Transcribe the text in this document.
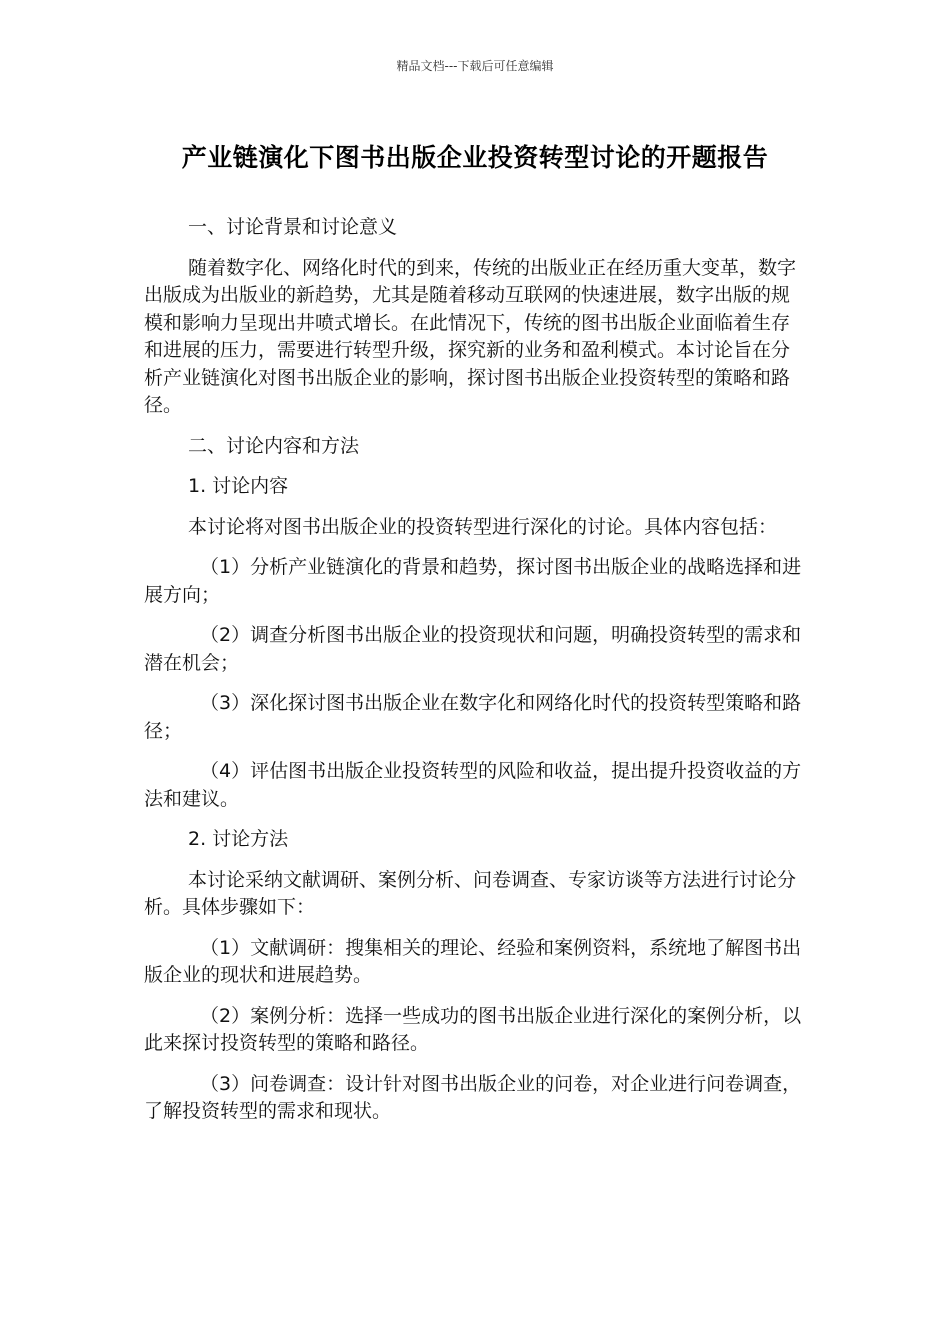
精品文档---下载后可任意编辑
产业链演化下图书出版企业投资转型讨论的开题报告

一、讨论背景和讨论意义

随着数字化、网络化时代的到来，传统的出版业正在经历重大变革，数字出版成为出版业的新趋势，尤其是随着移动互联网的快速进展，数字出版的规模和影响力呈现出井喷式增长。在此情况下，传统的图书出版企业面临着生存和进展的压力，需要进行转型升级，探究新的业务和盈利模式。本讨论旨在分析产业链演化对图书出版企业的影响，探讨图书出版企业投资转型的策略和路径。

二、讨论内容和方法

1. 讨论内容

本讨论将对图书出版企业的投资转型进行深化的讨论。具体内容包括：

（1）分析产业链演化的背景和趋势，探讨图书出版企业的战略选择和进展方向；

（2）调查分析图书出版企业的投资现状和问题，明确投资转型的需求和潜在机会；

（3）深化探讨图书出版企业在数字化和网络化时代的投资转型策略和路径；

（4）评估图书出版企业投资转型的风险和收益，提出提升投资收益的方法和建议。

2. 讨论方法

本讨论采纳文献调研、案例分析、问卷调查、专家访谈等方法进行讨论分析。具体步骤如下：

（1）文献调研：搜集相关的理论、经验和案例资料，系统地了解图书出版企业的现状和进展趋势。

（2）案例分析：选择一些成功的图书出版企业进行深化的案例分析，以此来探讨投资转型的策略和路径。

（3）问卷调查：设计针对图书出版企业的问卷，对企业进行问卷调查，了解投资转型的需求和现状。
